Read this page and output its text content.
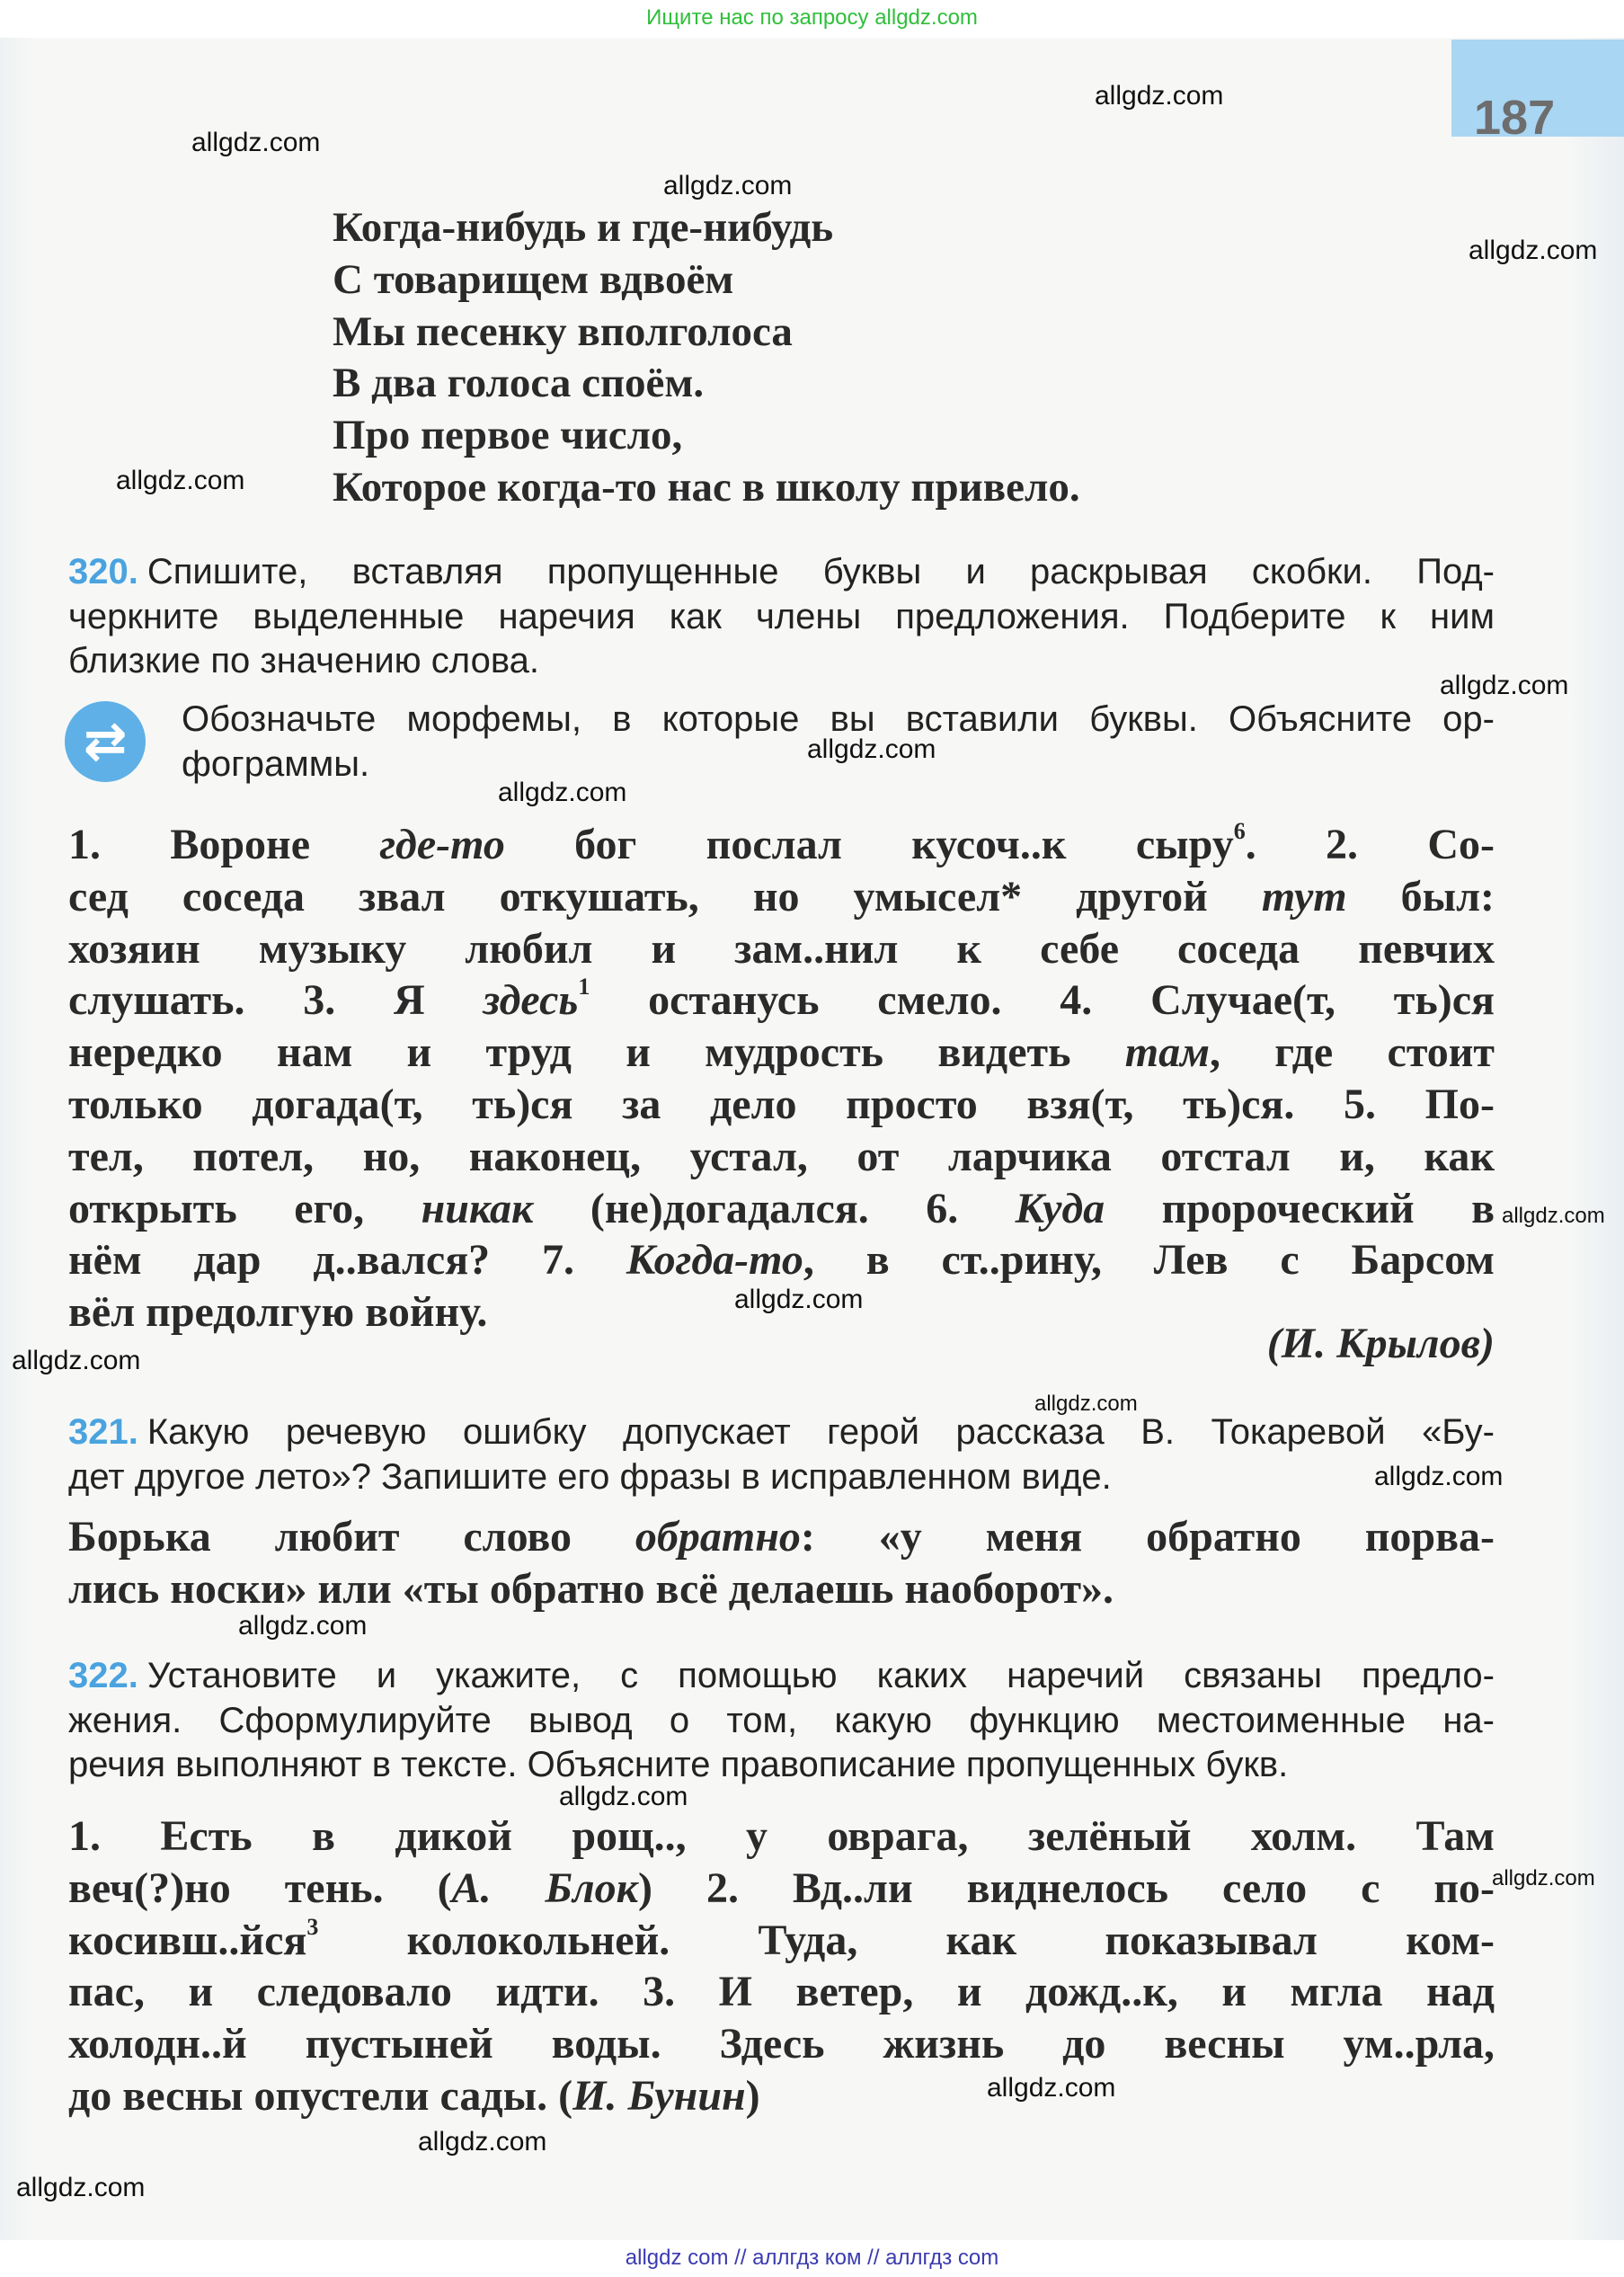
Ищите нас по запросу allgdz.com
187
Когда-нибудь и где-нибудь
С товарищем вдвоём
Мы песенку вполголоса
В два голоса споём.
Про первое число,
Которое когда-то нас в школу привело.
320. Спишите, вставляя пропущенные буквы и раскрывая скобки. Под-
черкните выделенные наречия как члены предложения. Подберите к ним
близкие по значению слова.
⇄	Обозначьте морфемы, в которые вы вставили буквы. Объясните ор-
фограммы.
1. Вороне где-то бог послал кусоч..к сыру$^6$. 2. Со-
сед соседа звал откушать, но умысел* другой тут был:
хозяин музыку любил и зам..нил к себе соседа певчих
слушать. 3. Я здесь$^1$ останусь смело. 4. Случае(т, ть)ся
нередко нам и труд и мудрость видеть там, где стоит
только догада(т, ть)ся за дело просто взя(т, ть)ся. 5. По-
тел, потел, но, наконец, устал, от ларчика отстал и, как
открыть его, никак (не)догадался. 6. Куда пророческий в
нём дар д..вался? 7. Когда-то, в ст..рину, Лев с Барсом
вёл предолгую войну.
(И. Крылов)
321. Какую речевую ошибку допускает герой рассказа В. Токаревой «Бу-
дет другое лето»? Запишите его фразы в исправленном виде.
Борька любит слово обратно: «у меня обратно порва-
лись носки» или «ты обратно всё делаешь наоборот».
322. Установите и укажите, с помощью каких наречий связаны предло-
жения. Сформулируйте вывод о том, какую функцию местоименные на-
речия выполняют в тексте. Объясните правописание пропущенных букв.
1. Есть в дикой рощ.., у оврага, зелёный холм. Там
веч(?)но тень. (А. Блок) 2. Вд..ли виднелось село с по-
косивш..йся$^3$ колокольней. Туда, как показывал ком-
пас, и следовало идти. 3. И ветер, и дожд..к, и мгла над
холодн..й пустыней воды. Здесь жизнь до весны ум..рла,
до весны опустели сады. (И. Бунин)
allgdz.com
allgdz.com
allgdz.com
allgdz.com
allgdz.com
allgdz.com
allgdz.com
allgdz.com
allgdz.com
allgdz.com
allgdz.com
allgdz.com
allgdz.com
allgdz.com
allgdz.com
allgdz.com
allgdz.com
allgdz.com
allgdz.com
allgdz com // аллгдз ком // аллгдз com
